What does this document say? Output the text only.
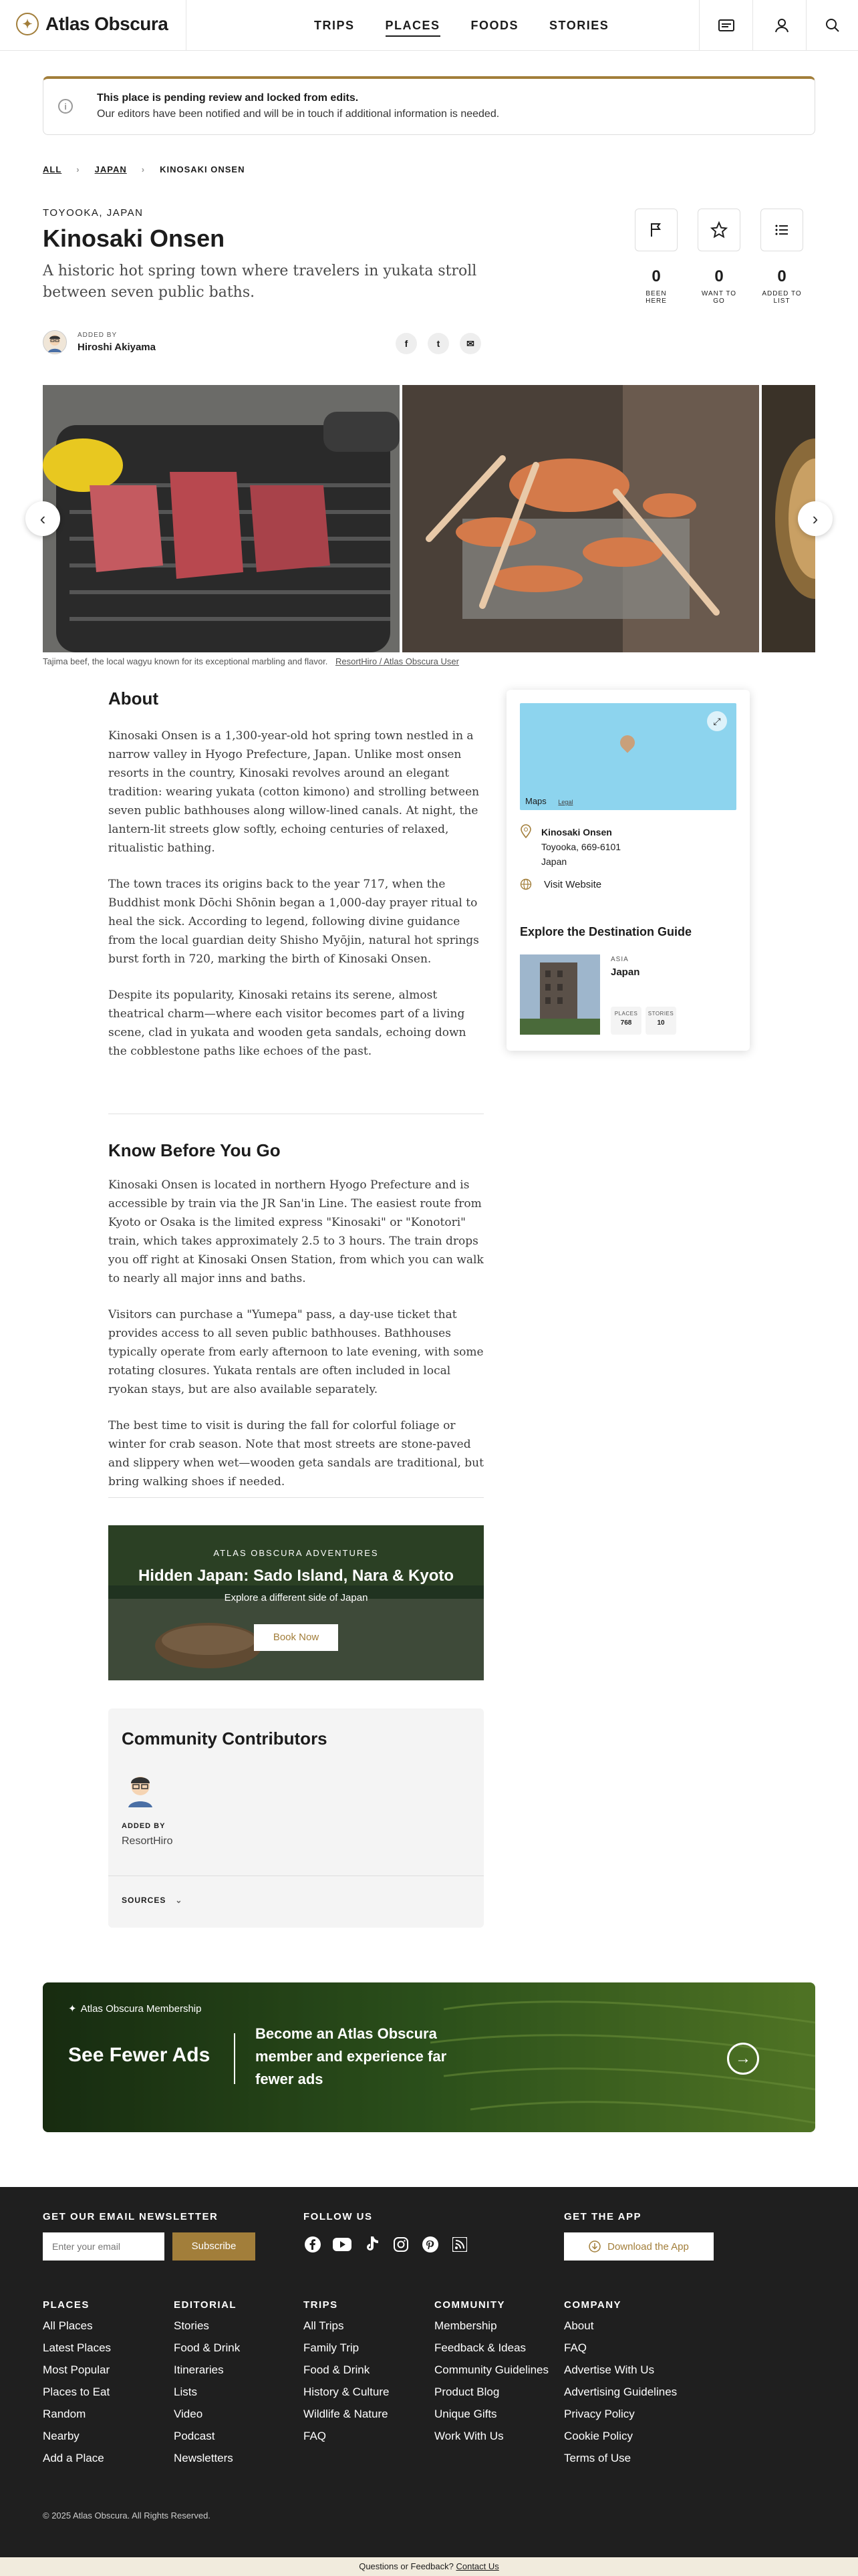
✦ Atlas Obscura	TRIPS	PLACES	FOODS	STORIES
i
This place is pending review and locked from edits.
Our editors have been notified and will be in touch if additional information is needed.
ALL › JAPAN › KINOSAKI ONSEN
TOYOOKA, JAPAN
Kinosaki Onsen
A historic hot spring town where travelers in yukata stroll between seven public baths.
0
BEEN HERE
0
WANT TO GO
0
ADDED TO LIST
ADDED BY
Hiroshi Akiyama	f	t	✉
‹	›
Tajima beef, the local wagyu known for its exceptional marbling and flavor. ResortHiro / Atlas Obscura User
About

Kinosaki Onsen is a 1,300-year-old hot spring town nestled in a narrow valley in Hyogo Prefecture, Japan. Unlike most onsen resorts in the country, Kinosaki revolves around an elegant tradition: wearing yukata (cotton kimono) and strolling between seven public bathhouses along willow-lined canals. At night, the lantern-lit streets glow softly, echoing centuries of relaxed, ritualistic bathing.

The town traces its origins back to the year 717, when the Buddhist monk Dōchi Shōnin began a 1,000-day prayer ritual to heal the sick. According to legend, following divine guidance from the local guardian deity Shisho Myōjin, natural hot springs burst forth in 720, marking the birth of Kinosaki Onsen.

Despite its popularity, Kinosaki retains its serene, almost theatrical charm—where each visitor becomes part of a living scene, clad in yukata and wooden geta sandals, echoing down the cobblestone paths like echoes of the past.

⤢
Maps Legal
Kinosaki Onsen
Toyooka, 669-6101
Japan
Visit Website
Explore the Destination Guide
ASIA
Japan
PLACES
768
STORIES
10
Know Before You Go

Kinosaki Onsen is located in northern Hyogo Prefecture and is accessible by train via the JR San'in Line. The easiest route from Kyoto or Osaka is the limited express "Kinosaki" or "Konotori" train, which takes approximately 2.5 to 3 hours. The train drops you off right at Kinosaki Onsen Station, from which you can walk to nearly all major inns and baths.

Visitors can purchase a "Yumepa" pass, a day-use ticket that provides access to all seven public bathhouses. Bathhouses typically operate from early afternoon to late evening, with some rotating closures. Yukata rentals are often included in local ryokan stays, but are also available separately.

The best time to visit is during the fall for colorful foliage or winter for crab season. Note that most streets are stone-paved and slippery when wet—wooden geta sandals are traditional, but bring walking shoes if needed.

ATLAS OBSCURA ADVENTURES
Hidden Japan: Sado Island, Nara & Kyoto
Explore a different side of Japan
Book Now
Community Contributors
ADDED BY
ResortHiro
SOURCES ⌄
✦ Atlas Obscura Membership
See Fewer Ads
Become an Atlas Obscura member and experience far fewer ads
→
GET OUR EMAIL NEWSLETTER
Enter your email
Subscribe
FOLLOW US	GET THE APP
Download the App
© 2025 Atlas Obscura. All Rights Reserved.
PLACES
All Places
Latest Places
Most Popular
Places to Eat
Random
Nearby
Add a Place
EDITORIAL
Stories
Food & Drink
Itineraries
Lists
Video
Podcast
Newsletters
TRIPS
All Trips
Family Trip
Food & Drink
History & Culture
Wildlife & Nature
FAQ
COMMUNITY
Membership
Feedback & Ideas
Community Guidelines
Product Blog
Unique Gifts
Work With Us
COMPANY
About
FAQ
Advertise With Us
Advertising Guidelines
Privacy Policy
Cookie Policy
Terms of Use
Questions or Feedback? Contact Us
